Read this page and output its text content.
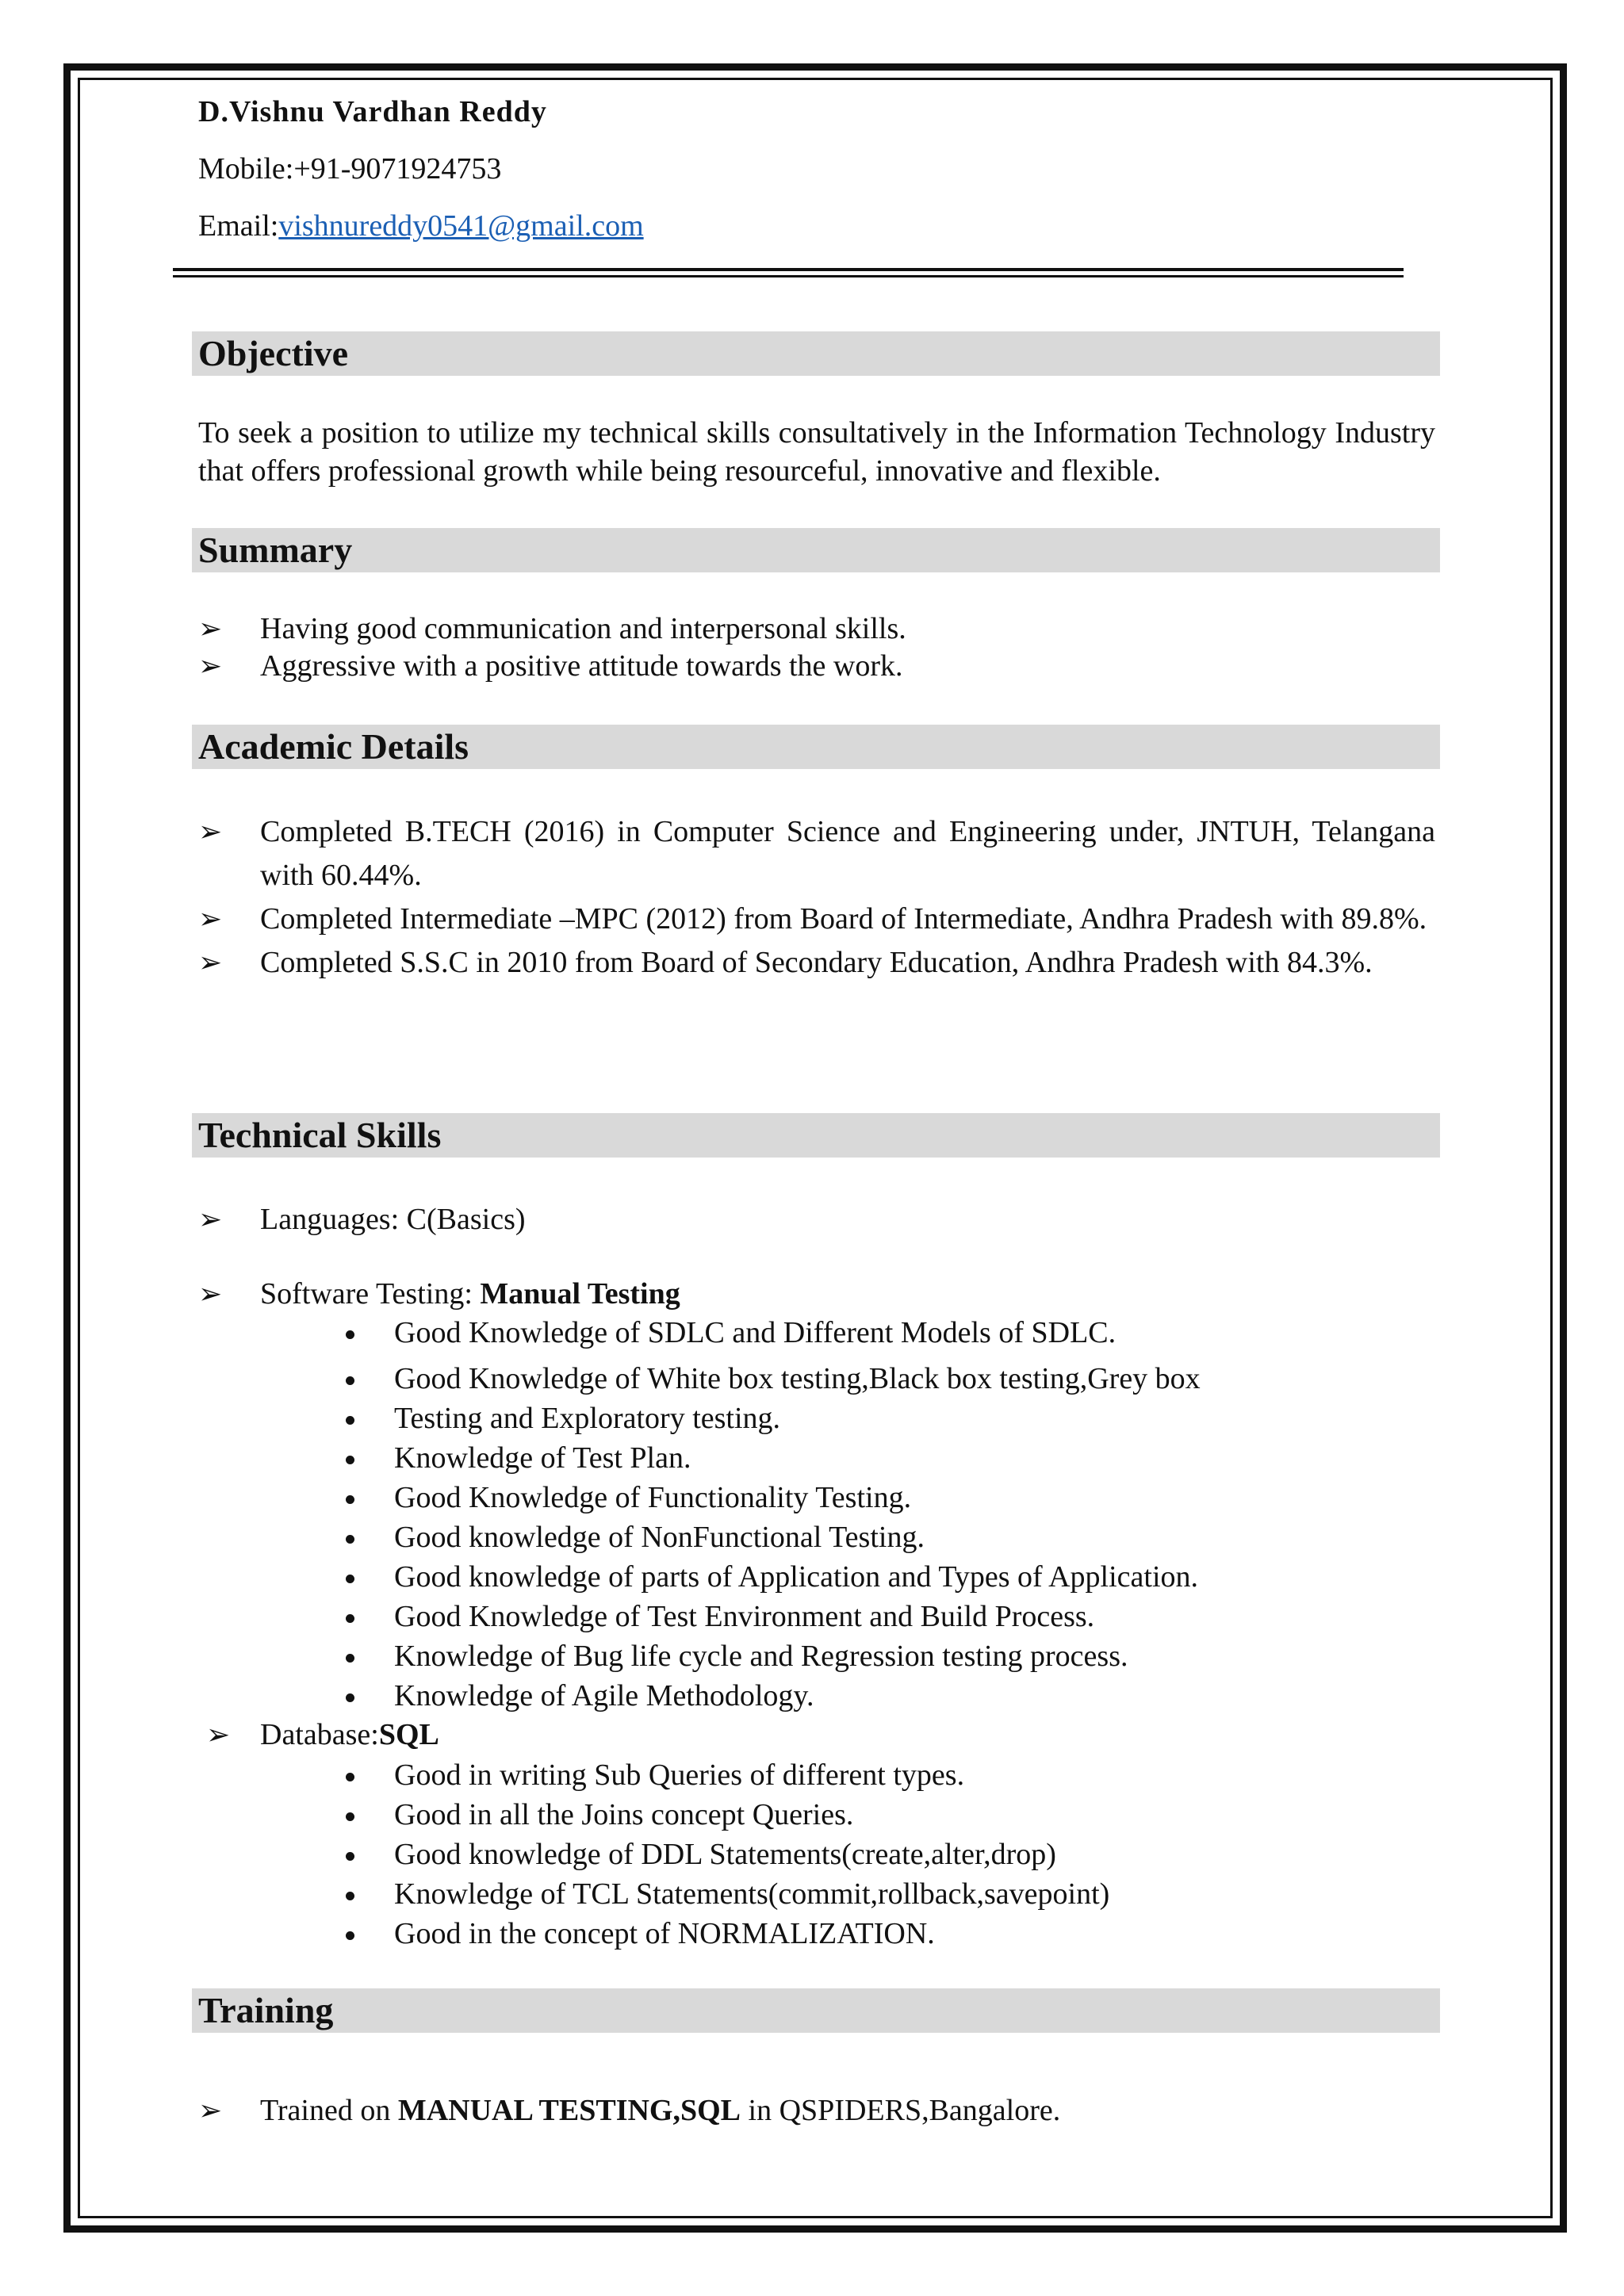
D.Vishnu Vardhan Reddy

Mobile:+91-9071924753

Email:vishnureddy0541@gmail.com

Objective
To seek a position to utilize my technical skills consultatively in the Information Technology Industry that offers professional growth while being resourceful, innovative and flexible.
Summary
➢ Having good communication and interpersonal skills.
➢ Aggressive with a positive attitude towards the work.
Academic Details
➢ Completed B.TECH (2016) in Computer Science and Engineering under, JNTUH, Telangana with 60.44%.
➢ Completed Intermediate –MPC (2012) from Board of Intermediate, Andhra Pradesh with 89.8%.
➢ Completed S.S.C in 2010 from Board of Secondary Education, Andhra Pradesh with 84.3%.
Technical Skills
➢ Languages: C(Basics)
➢ Software Testing: Manual Testing
Good Knowledge of SDLC and Different Models of SDLC.
Good Knowledge of White box testing,Black box testing,Grey box
Testing and Exploratory testing.
Knowledge of Test Plan.
Good Knowledge of Functionality Testing.
Good knowledge of NonFunctional Testing.
Good knowledge of parts of Application and Types of Application.
Good Knowledge of Test Environment and Build Process.
Knowledge of Bug life cycle and Regression testing process.
Knowledge of Agile Methodology.
➢ Database:SQL
Good in writing Sub Queries of different types.
Good in all the Joins concept Queries.
Good knowledge of DDL Statements(create,alter,drop)
Knowledge of TCL Statements(commit,rollback,savepoint)
Good in the concept of NORMALIZATION.
Training
➢ Trained on MANUAL TESTING,SQL in QSPIDERS,Bangalore.
